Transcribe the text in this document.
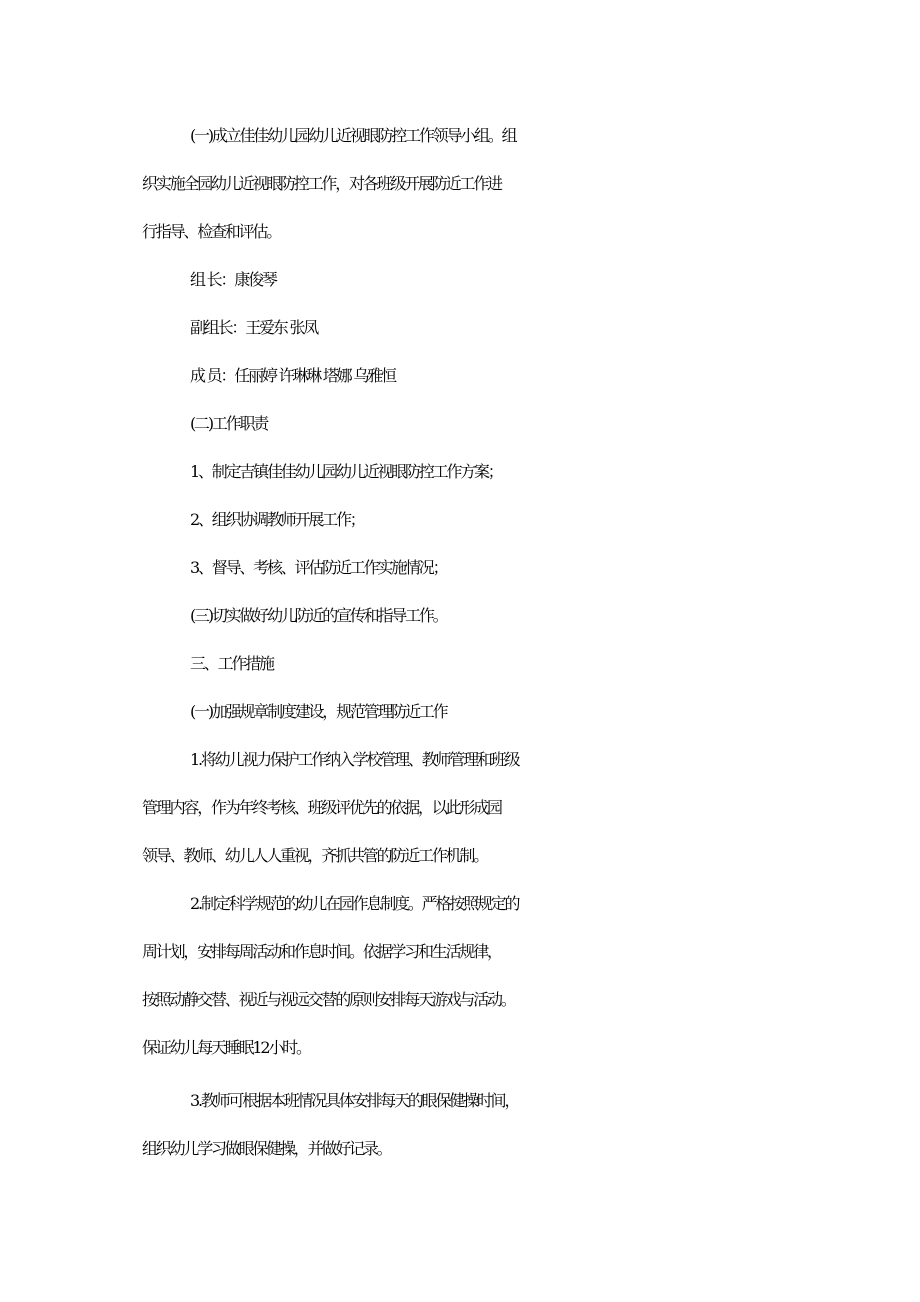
(一)成立佳佳幼儿园幼儿近视眼防控工作领导小组。组
织实施全园幼儿近视眼防控工作，对各班级开展防近工作进
行指导、检查和评估。
组 长：康俊琴
副组长：王爱东 张凤
成 员：任丽婷 许琳琳 塔娜 乌雅恒
(二)工作职责
1、制定吉镇佳佳幼儿园幼儿近视眼防控工作方案；
2、组织协调教师开展工作；
3、督导、考核、评估防近工作实施情况；
(三)切实做好幼儿防近的宣传和指导工作。
三、工作措施
(一)加强规章制度建设，规范管理防近工作
1.将幼儿视力保护工作纳入学校管理、教师管理和班级
管理内容，作为年终考核、班级评优先的依据，以此形成园
领导、教师、幼儿人人重视，齐抓共管的防近工作机制。
2.制定科学规范的幼儿在园作息制度。严格按照规定的
周计划，安排每周活动和作息时间。依据学习和生活规律，
按照动静交替、视近与视远交替的原则安排每天游戏与活动。
保证幼儿每天睡眠12小时。
3.教师可根据本班情况具体安排每天的眼保健操时间，
组织幼儿学习做眼保健操，并做好记录。
